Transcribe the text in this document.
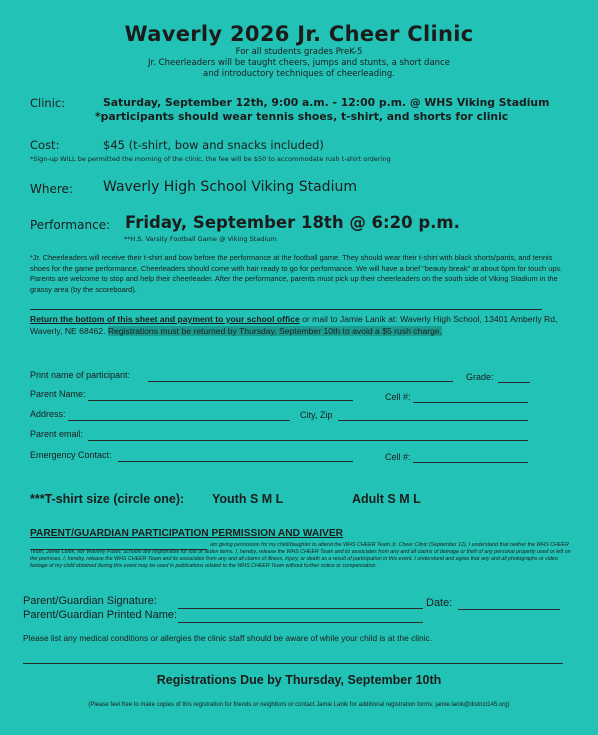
Waverly 2026 Jr. Cheer Clinic
For all students grades PreK-5
Jr. Cheerleaders will be taught cheers, jumps and stunts, a short dance
and introductory techniques of cheerleading.
Clinic:	Saturday, September 12th, 9:00 a.m. - 12:00 p.m. @ WHS Viking Stadium
*participants should wear tennis shoes, t-shirt, and shorts for clinic
Cost:	$45 (t-shirt, bow and snacks included)
*Sign-up WILL be permitted the morning of the clinic, the fee will be $50 to accommodate rush t-shirt ordering
Where: Waverly High School Viking Stadium
Performance: Friday, September 18th @ 6:20 p.m.
**H.S. Varsity Football Game @ Viking Stadium
*Jr. Cheerleaders will receive their t-shirt and bow before the performance at the football game. They should wear their t-shirt with black shorts/pants, and tennis shoes for the game performance. Cheerleaders should come with hair ready to go for performance. We will have a brief "beauty break" at about 6pm for touch ups. Parents are welcome to stop and help their cheerleader. After the performance, parents must pick up their cheerleaders on the south side of Viking Stadium in the grassy area (by the scoreboard).
Return the bottom of this sheet and payment to your school office or mail to Jamie Lanik at: Waverly High School, 13401 Amberly Rd, Waverly, NE 68462. Registrations must be returned by Thursday, September 10th to avoid a $5 rush charge.
Print name of participant:	Grade:
Parent Name:	Cell #:
Address:	City, Zip
Parent email:
Emergency Contact:	Cell #:
***T-shirt size (circle one): Youth S M L	Adult S M L
PARENT/GUARDIAN PARTICIPATION PERMISSION AND WAIVER
am giving permission for my child/daughter to attend the WHS CHEER Team Jr. Cheer Clinic (September 12). I understand that neither the WHS CHEER Team, Jamie Lanik, nor Waverly Public Schools are responsible for lost or stolen items. I, hereby, release the WHS CHEER Team and its associates from any and all claims of damage or theft of any personal property used or left on the premises. I, hereby, release the WHS CHEER Team and its associates from any and all claims of illness, injury, or death as a result of participation in this event. I understand and agree that any and all photographs or video footage of my child obtained during this event may be used in publications related to the WHS CHEER Team without further notice or compensation.
Parent/Guardian Signature:	Date:
Parent/Guardian Printed Name:
Please list any medical conditions or allergies the clinic staff should be aware of while your child is at the clinic.
Registrations Due by Thursday, September 10th
(Please feel free to make copies of this registration for friends or neighbors or contact Jamie Lanik for additional registration forms: jamie.lanik@district145.org)
